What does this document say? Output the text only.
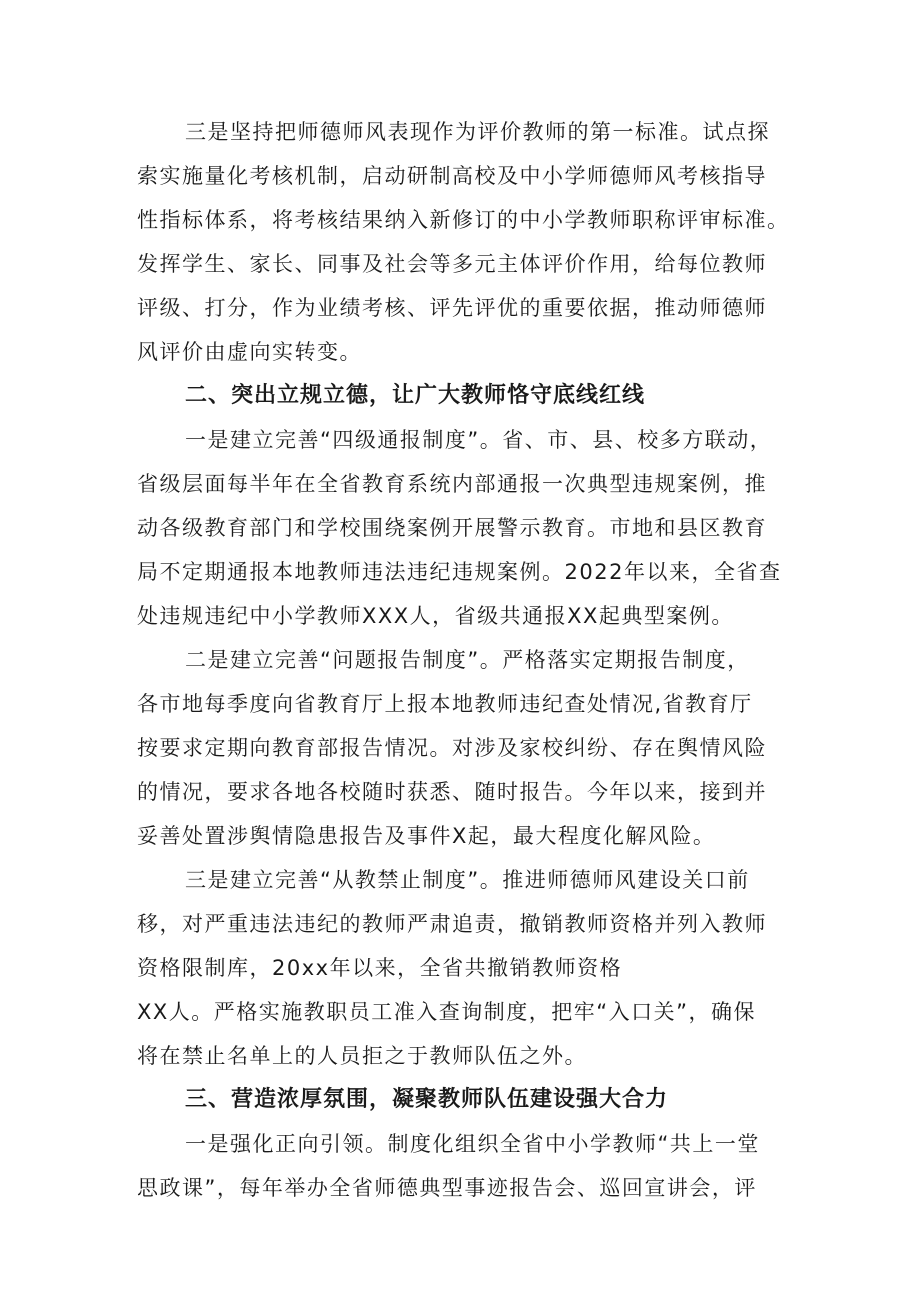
三是坚持把师德师风表现作为评价教师的第一标准。试点探
索实施量化考核机制，启动研制高校及中小学师德师风考核指导
性指标体系，将考核结果纳入新修订的中小学教师职称评审标准。
发挥学生、家长、同事及社会等多元主体评价作用，给每位教师
评级、打分，作为业绩考核、评先评优的重要依据，推动师德师
风评价由虚向实转变。
二、突出立规立德，让广大教师恪守底线红线
一是建立完善“四级通报制度”。省、市、县、校多方联动，
省级层面每半年在全省教育系统内部通报一次典型违规案例，推
动各级教育部门和学校围绕案例开展警示教育。市地和县区教育
局不定期通报本地教师违法违纪违规案例。2022年以来，全省查
处违规违纪中小学教师XXX人，省级共通报XX起典型案例。
二是建立完善“问题报告制度”。严格落实定期报告制度，
各市地每季度向省教育厅上报本地教师违纪查处情况,省教育厅
按要求定期向教育部报告情况。对涉及家校纠纷、存在舆情风险
的情况，要求各地各校随时获悉、随时报告。今年以来，接到并
妥善处置涉舆情隐患报告及事件X起，最大程度化解风险。
三是建立完善“从教禁止制度”。推进师德师风建设关口前
移，对严重违法违纪的教师严肃追责，撤销教师资格并列入教师
资格限制库，20xx年以来，全省共撤销教师资格
XX人。严格实施教职员工准入查询制度，把牢“入口关”，确保
将在禁止名单上的人员拒之于教师队伍之外。
三、营造浓厚氛围，凝聚教师队伍建设强大合力
一是强化正向引领。制度化组织全省中小学教师“共上一堂
思政课”，每年举办全省师德典型事迹报告会、巡回宣讲会，评
